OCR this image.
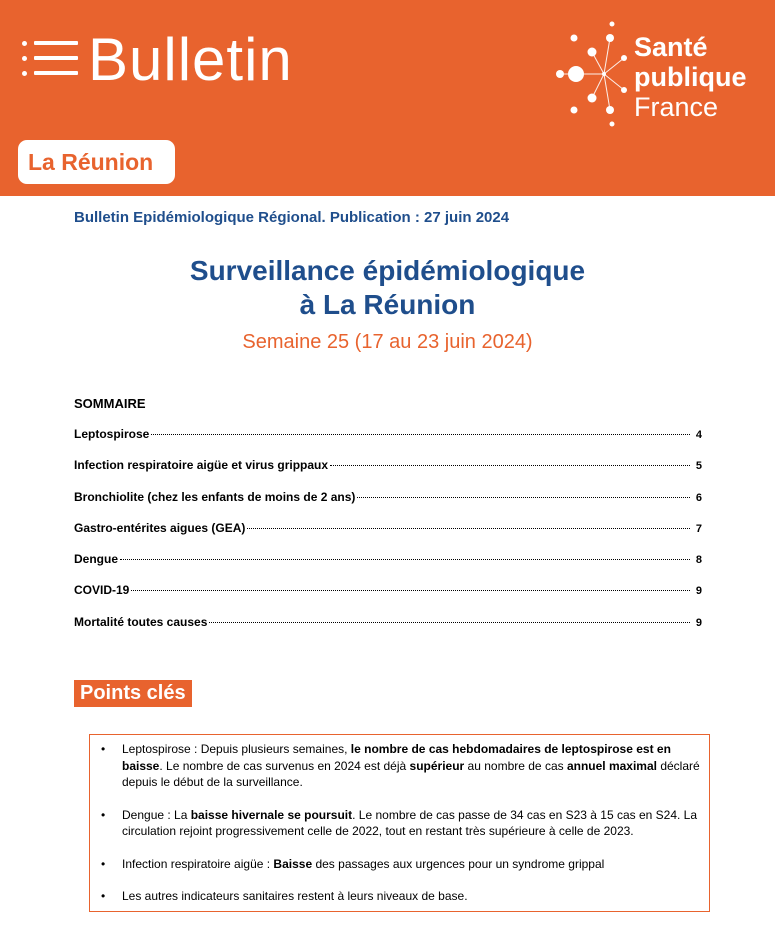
Bulletin	Santé
publique
France
La Réunion
Bulletin Epidémiologique Régional. Publication : 27 juin 2024
Surveillance épidémiologique
à La Réunion
Semaine 25 (17 au 23 juin 2024)
SOMMAIRE
Leptospirose	4
Infection respiratoire aigüe et virus grippaux	5
Bronchiolite (chez les enfants de moins de 2 ans)	6
Gastro-entérites aigues (GEA)	7
Dengue	8
COVID-19	9
Mortalité toutes causes	9
Points clés
• Leptospirose : Depuis plusieurs semaines, le nombre de cas hebdomadaires de leptospirose est en baisse. Le nombre de cas survenus en 2024 est déjà supérieur au nombre de cas annuel maximal déclaré depuis le début de la surveillance.
• Dengue : La baisse hivernale se poursuit. Le nombre de cas passe de 34 cas en S23 à 15 cas en S24. La circulation rejoint progressivement celle de 2022, tout en restant très supérieure à celle de 2023.
• Infection respiratoire aigüe : Baisse des passages aux urgences pour un syndrome grippal
• Les autres indicateurs sanitaires restent à leurs niveaux de base.
